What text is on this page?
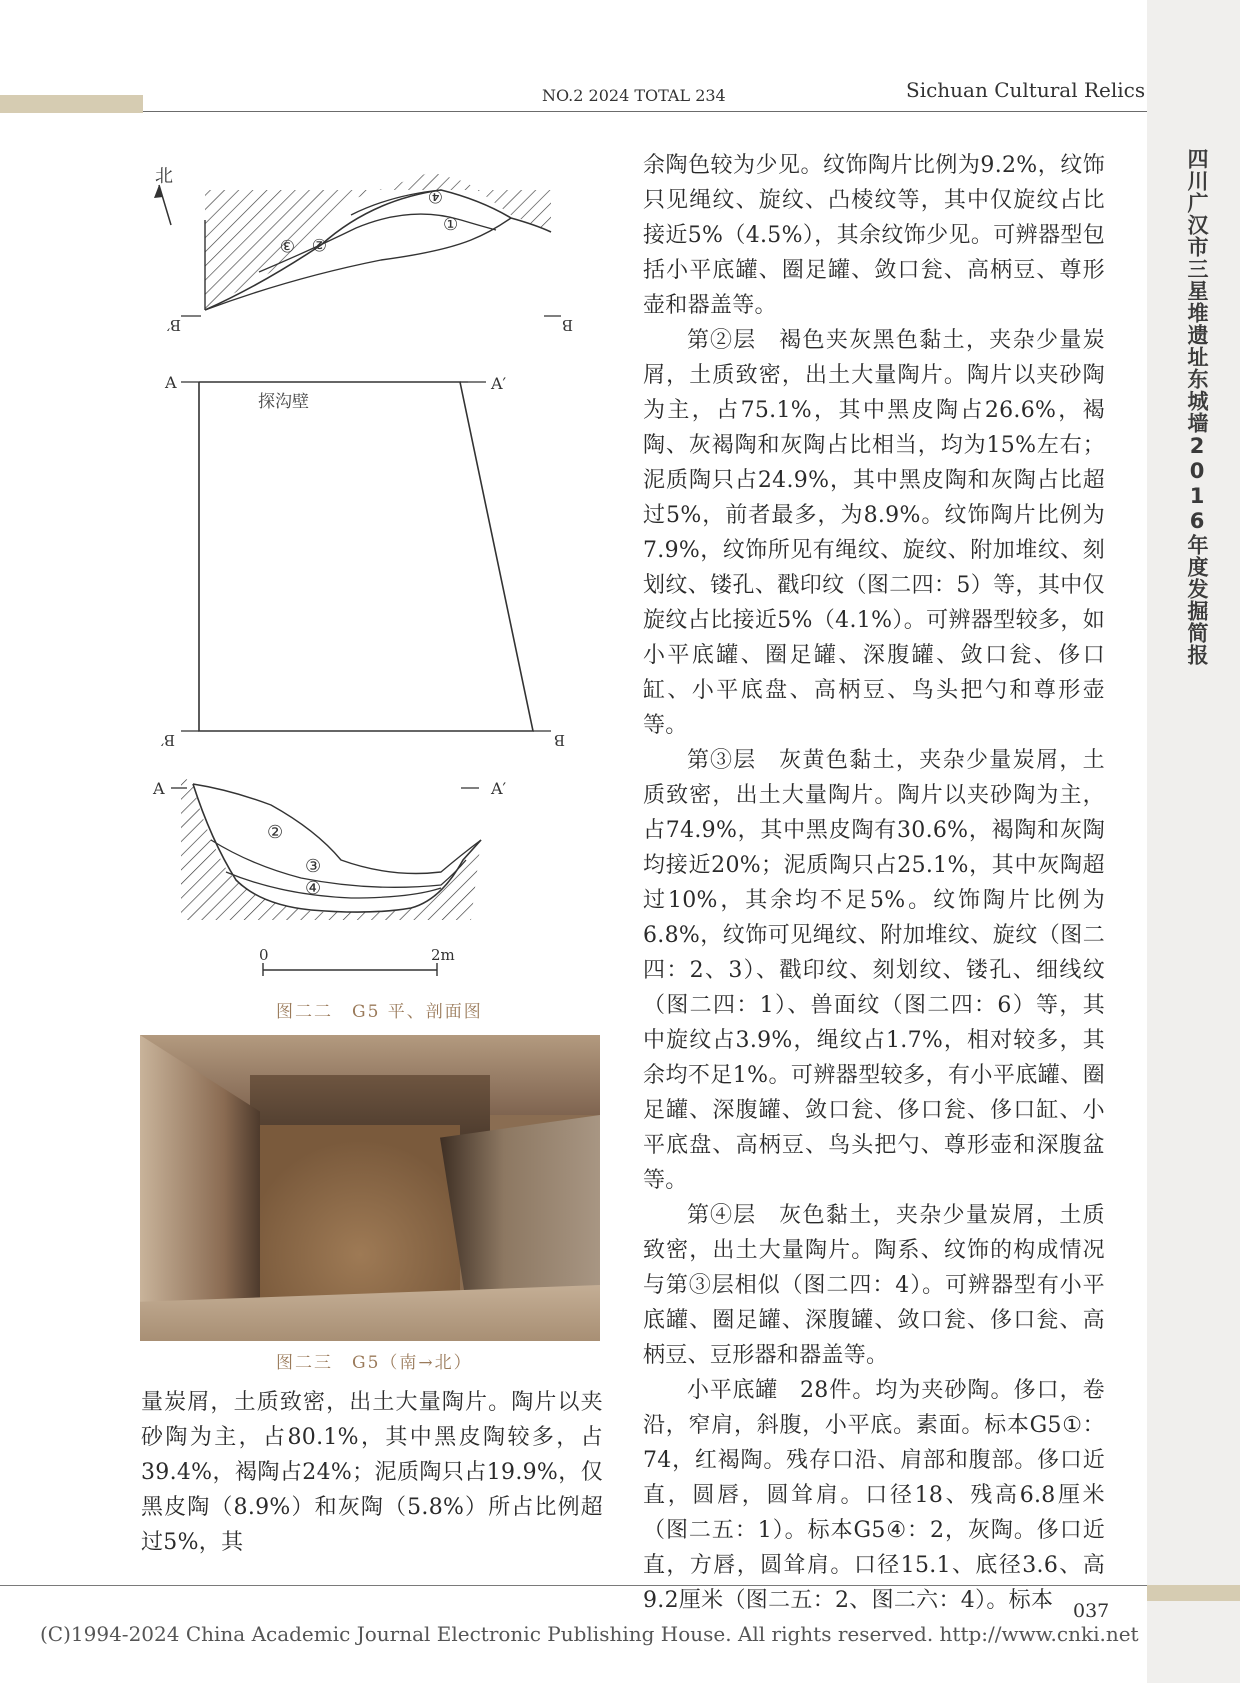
四川广汉市三星堆遗址东城墙2016年度发掘简报
NO.2 2024 TOTAL 234	Sichuan Cultural Relics
北
④
①
②
③
B′	B
A	A′
探沟壁
B′	B
A	A′
②
③
④
0	2m
图二二　G5 平、剖面图
图二三　G5（南→北）

量炭屑，土质致密，出土大量陶片。陶片以夹砂陶为主，占80.1%，其中黑皮陶较多，占39.4%，褐陶占24%；泥质陶只占19.9%，仅黑皮陶（8.9%）和灰陶（5.8%）所占比例超过5%，其

余陶色较为少见。纹饰陶片比例为9.2%，纹饰只见绳纹、旋纹、凸棱纹等，其中仅旋纹占比接近5%（4.5%），其余纹饰少见。可辨器型包括小平底罐、圈足罐、敛口瓮、高柄豆、尊形壶和器盖等。

第②层 褐色夹灰黑色黏土，夹杂少量炭屑，土质致密，出土大量陶片。陶片以夹砂陶为主，占75.1%，其中黑皮陶占26.6%，褐陶、灰褐陶和灰陶占比相当，均为15%左右；泥质陶只占24.9%，其中黑皮陶和灰陶占比超过5%，前者最多，为8.9%。纹饰陶片比例为7.9%，纹饰所见有绳纹、旋纹、附加堆纹、刻划纹、镂孔、戳印纹（图二四：5）等，其中仅旋纹占比接近5%（4.1%）。可辨器型较多，如小平底罐、圈足罐、深腹罐、敛口瓮、侈口缸、小平底盘、高柄豆、鸟头把勺和尊形壶等。

第③层 灰黄色黏土，夹杂少量炭屑，土质致密，出土大量陶片。陶片以夹砂陶为主，占74.9%，其中黑皮陶有30.6%，褐陶和灰陶均接近20%；泥质陶只占25.1%，其中灰陶超过10%，其余均不足5%。纹饰陶片比例为6.8%，纹饰可见绳纹、附加堆纹、旋纹（图二四：2、3）、戳印纹、刻划纹、镂孔、细线纹（图二四：1）、兽面纹（图二四：6）等，其中旋纹占3.9%，绳纹占1.7%，相对较多，其余均不足1%。可辨器型较多，有小平底罐、圈足罐、深腹罐、敛口瓮、侈口瓮、侈口缸、小平底盘、高柄豆、鸟头把勺、尊形壶和深腹盆等。

第④层 灰色黏土，夹杂少量炭屑，土质致密，出土大量陶片。陶系、纹饰的构成情况与第③层相似（图二四：4）。可辨器型有小平底罐、圈足罐、深腹罐、敛口瓮、侈口瓮、高柄豆、豆形器和器盖等。

小平底罐 28件。均为夹砂陶。侈口，卷沿，窄肩，斜腹，小平底。素面。标本G5①：74，红褐陶。残存口沿、肩部和腹部。侈口近直，圆唇，圆耸肩。口径18、残高6.8厘米（图二五：1）。标本G5④：2，灰陶。侈口近直，方唇，圆耸肩。口径15.1、底径3.6、高9.2厘米（图二五：2、图二六：4）。标本	037
(C)1994-2024 China Academic Journal Electronic Publishing House. All rights reserved. http://www.cnki.net
